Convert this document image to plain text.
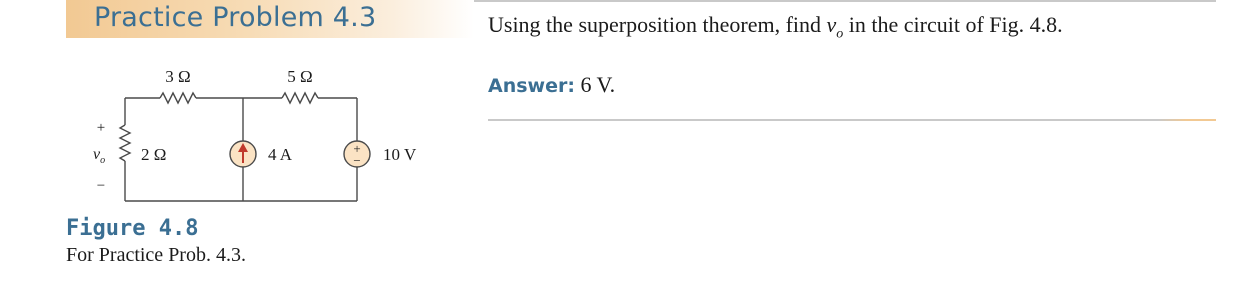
Practice Problem 4.3	Using the superposition theorem, find $v_o$ in the circuit of Fig. 4.8.
Answer: 6 V.
+
−
3 Ω	5 Ω
2 Ω	4 A	10 V
+
$v_o$
−
Figure 4.8
For Practice Prob. 4.3.
